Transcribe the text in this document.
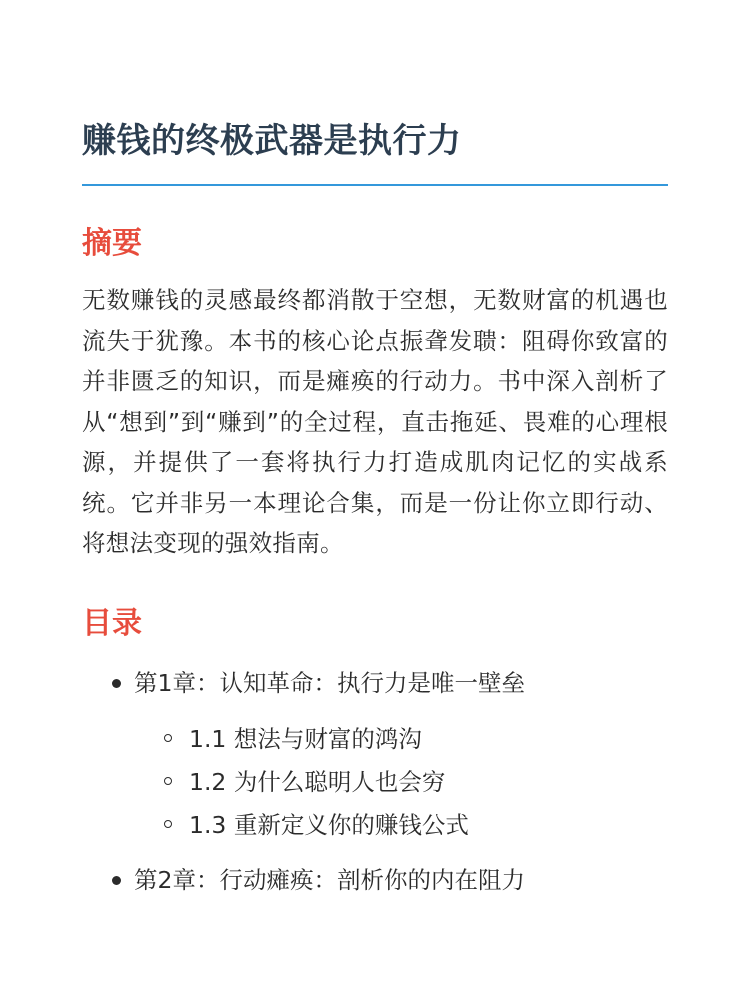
赚钱的终极武器是执行力
摘要

无数赚钱的灵感最终都消散于空想，无数财富的机遇也流失于犹豫。本书的核心论点振聋发聩：阻碍你致富的并非匮乏的知识，而是瘫痪的行动力。书中深入剖析了从“想到”到“赚到”的全过程，直击拖延、畏难的心理根源，并提供了一套将执行力打造成肌肉记忆的实战系统。它并非另一本理论合集，而是一份让你立即行动、将想法变现的强效指南。

目录
第1章：认知革命：执行力是唯一壁垒
1.1 想法与财富的鸿沟
1.2 为什么聪明人也会穷
1.3 重新定义你的赚钱公式
第2章：行动瘫痪：剖析你的内在阻力
